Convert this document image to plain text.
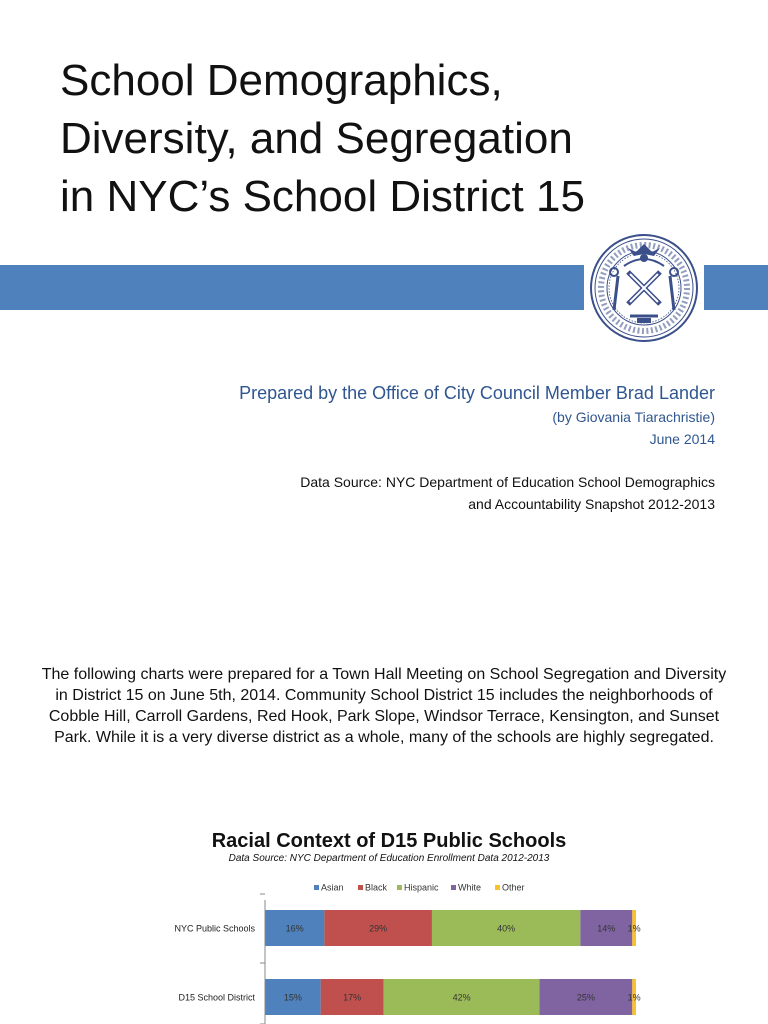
School Demographics,
Diversity, and Segregation
in NYC’s School District 15
Prepared by the Office of City Council Member Brad Lander
(by Giovania Tiarachristie)
June 2014
Data Source: NYC Department of Education School Demographics
and Accountability Snapshot 2012-2013

The following charts were prepared for a Town Hall Meeting on School Segregation and Diversity in District 15 on June 5th, 2014. Community School District 15 includes the neighborhoods of Cobble Hill, Carroll Gardens, Red Hook, Park Slope, Windsor Terrace, Kensington, and Sunset Park. While it is a very diverse district as a whole, many of the schools are highly segregated.

Racial Context of D15 Public Schools
Data Source: NYC Department of Education Enrollment Data 2012-2013
Asian Black Hispanic White Other
16%	29%	40%	14% 1%
NYC Public Schools
15%	17%	42%	25%	1%
D15 School District
